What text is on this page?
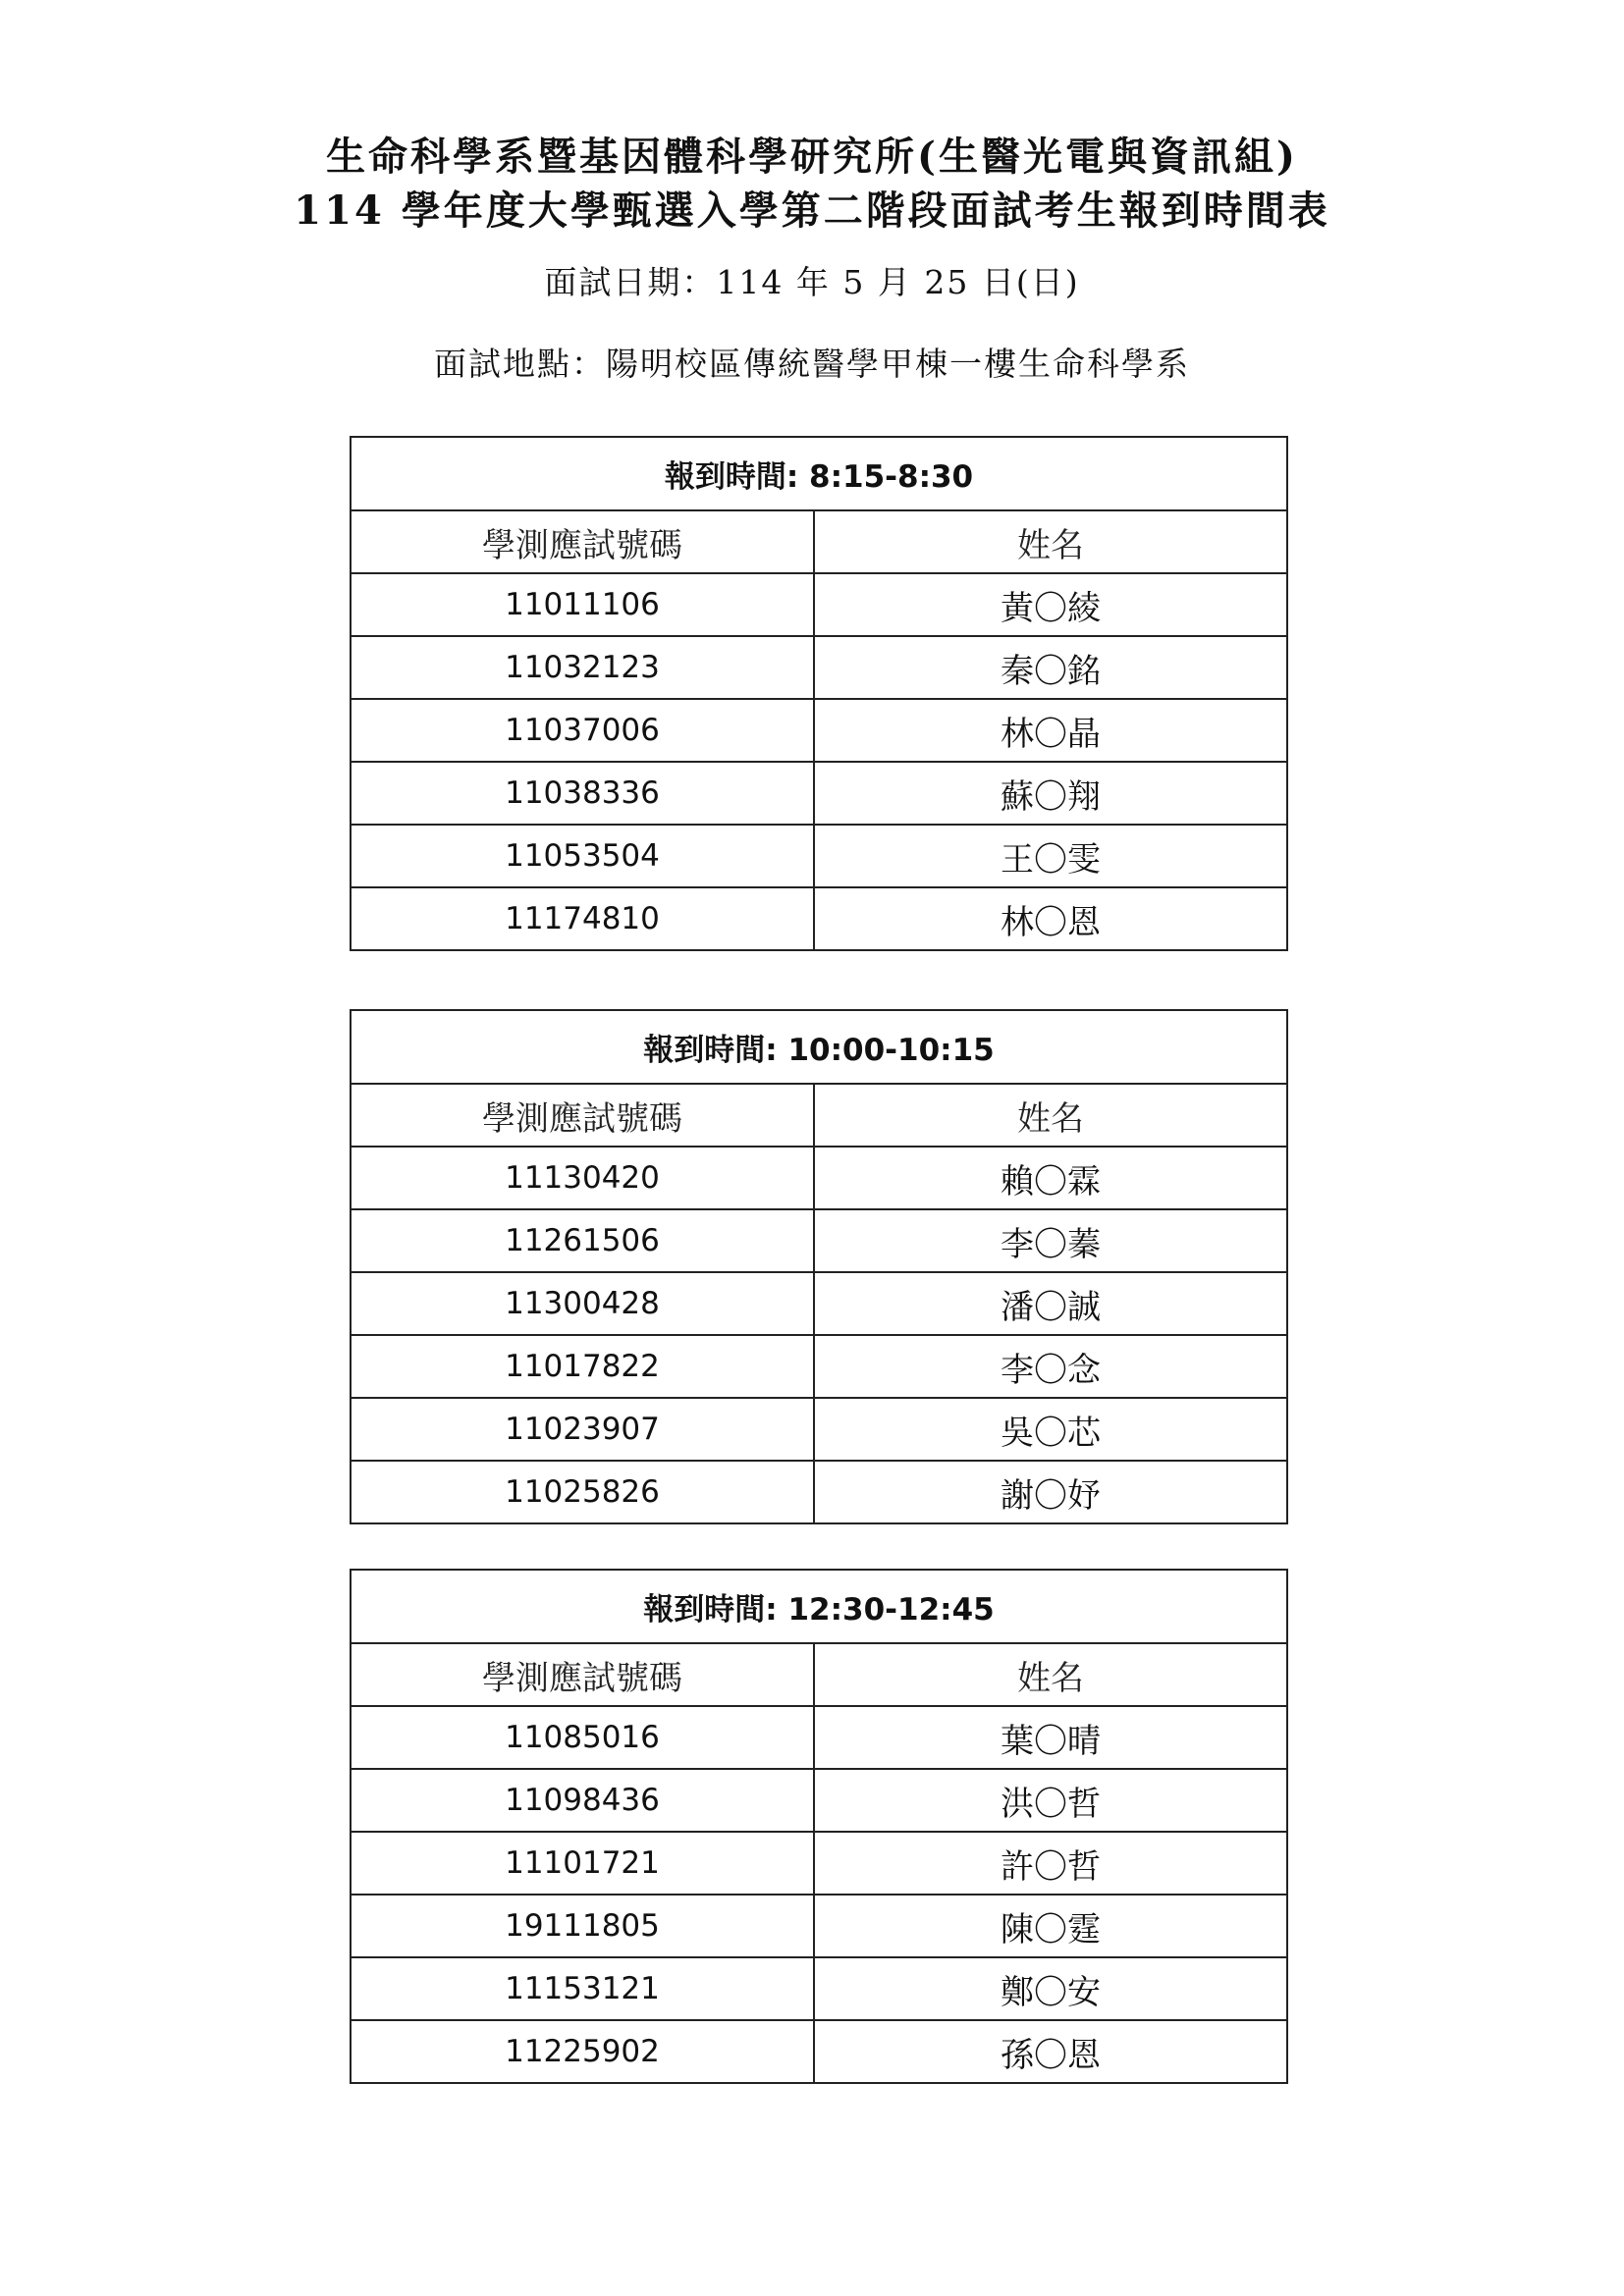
生命科學系暨基因體科學研究所(生醫光電與資訊組)
114 學年度大學甄選入學第二階段面試考生報到時間表
面試日期：114 年 5 月 25 日(日)
面試地點：陽明校區傳統醫學甲棟一樓生命科學系
報到時間: 8:15-8:30	
學測應試號碼	姓名
11011106	黃〇綾
11032123	秦〇銘
11037006	林〇晶
11038336	蘇〇翔
11053504	王〇雯
11174810	林〇恩
報到時間: 10:00-10:15	
學測應試號碼	姓名
11130420	賴〇霖
11261506	李〇蓁
11300428	潘〇誠
11017822	李〇念
11023907	吳〇芯
11025826	謝〇妤
報到時間: 12:30-12:45	
學測應試號碼	姓名
11085016	葉〇晴
11098436	洪〇哲
11101721	許〇哲
19111805	陳〇霆
11153121	鄭〇安
11225902	孫〇恩
